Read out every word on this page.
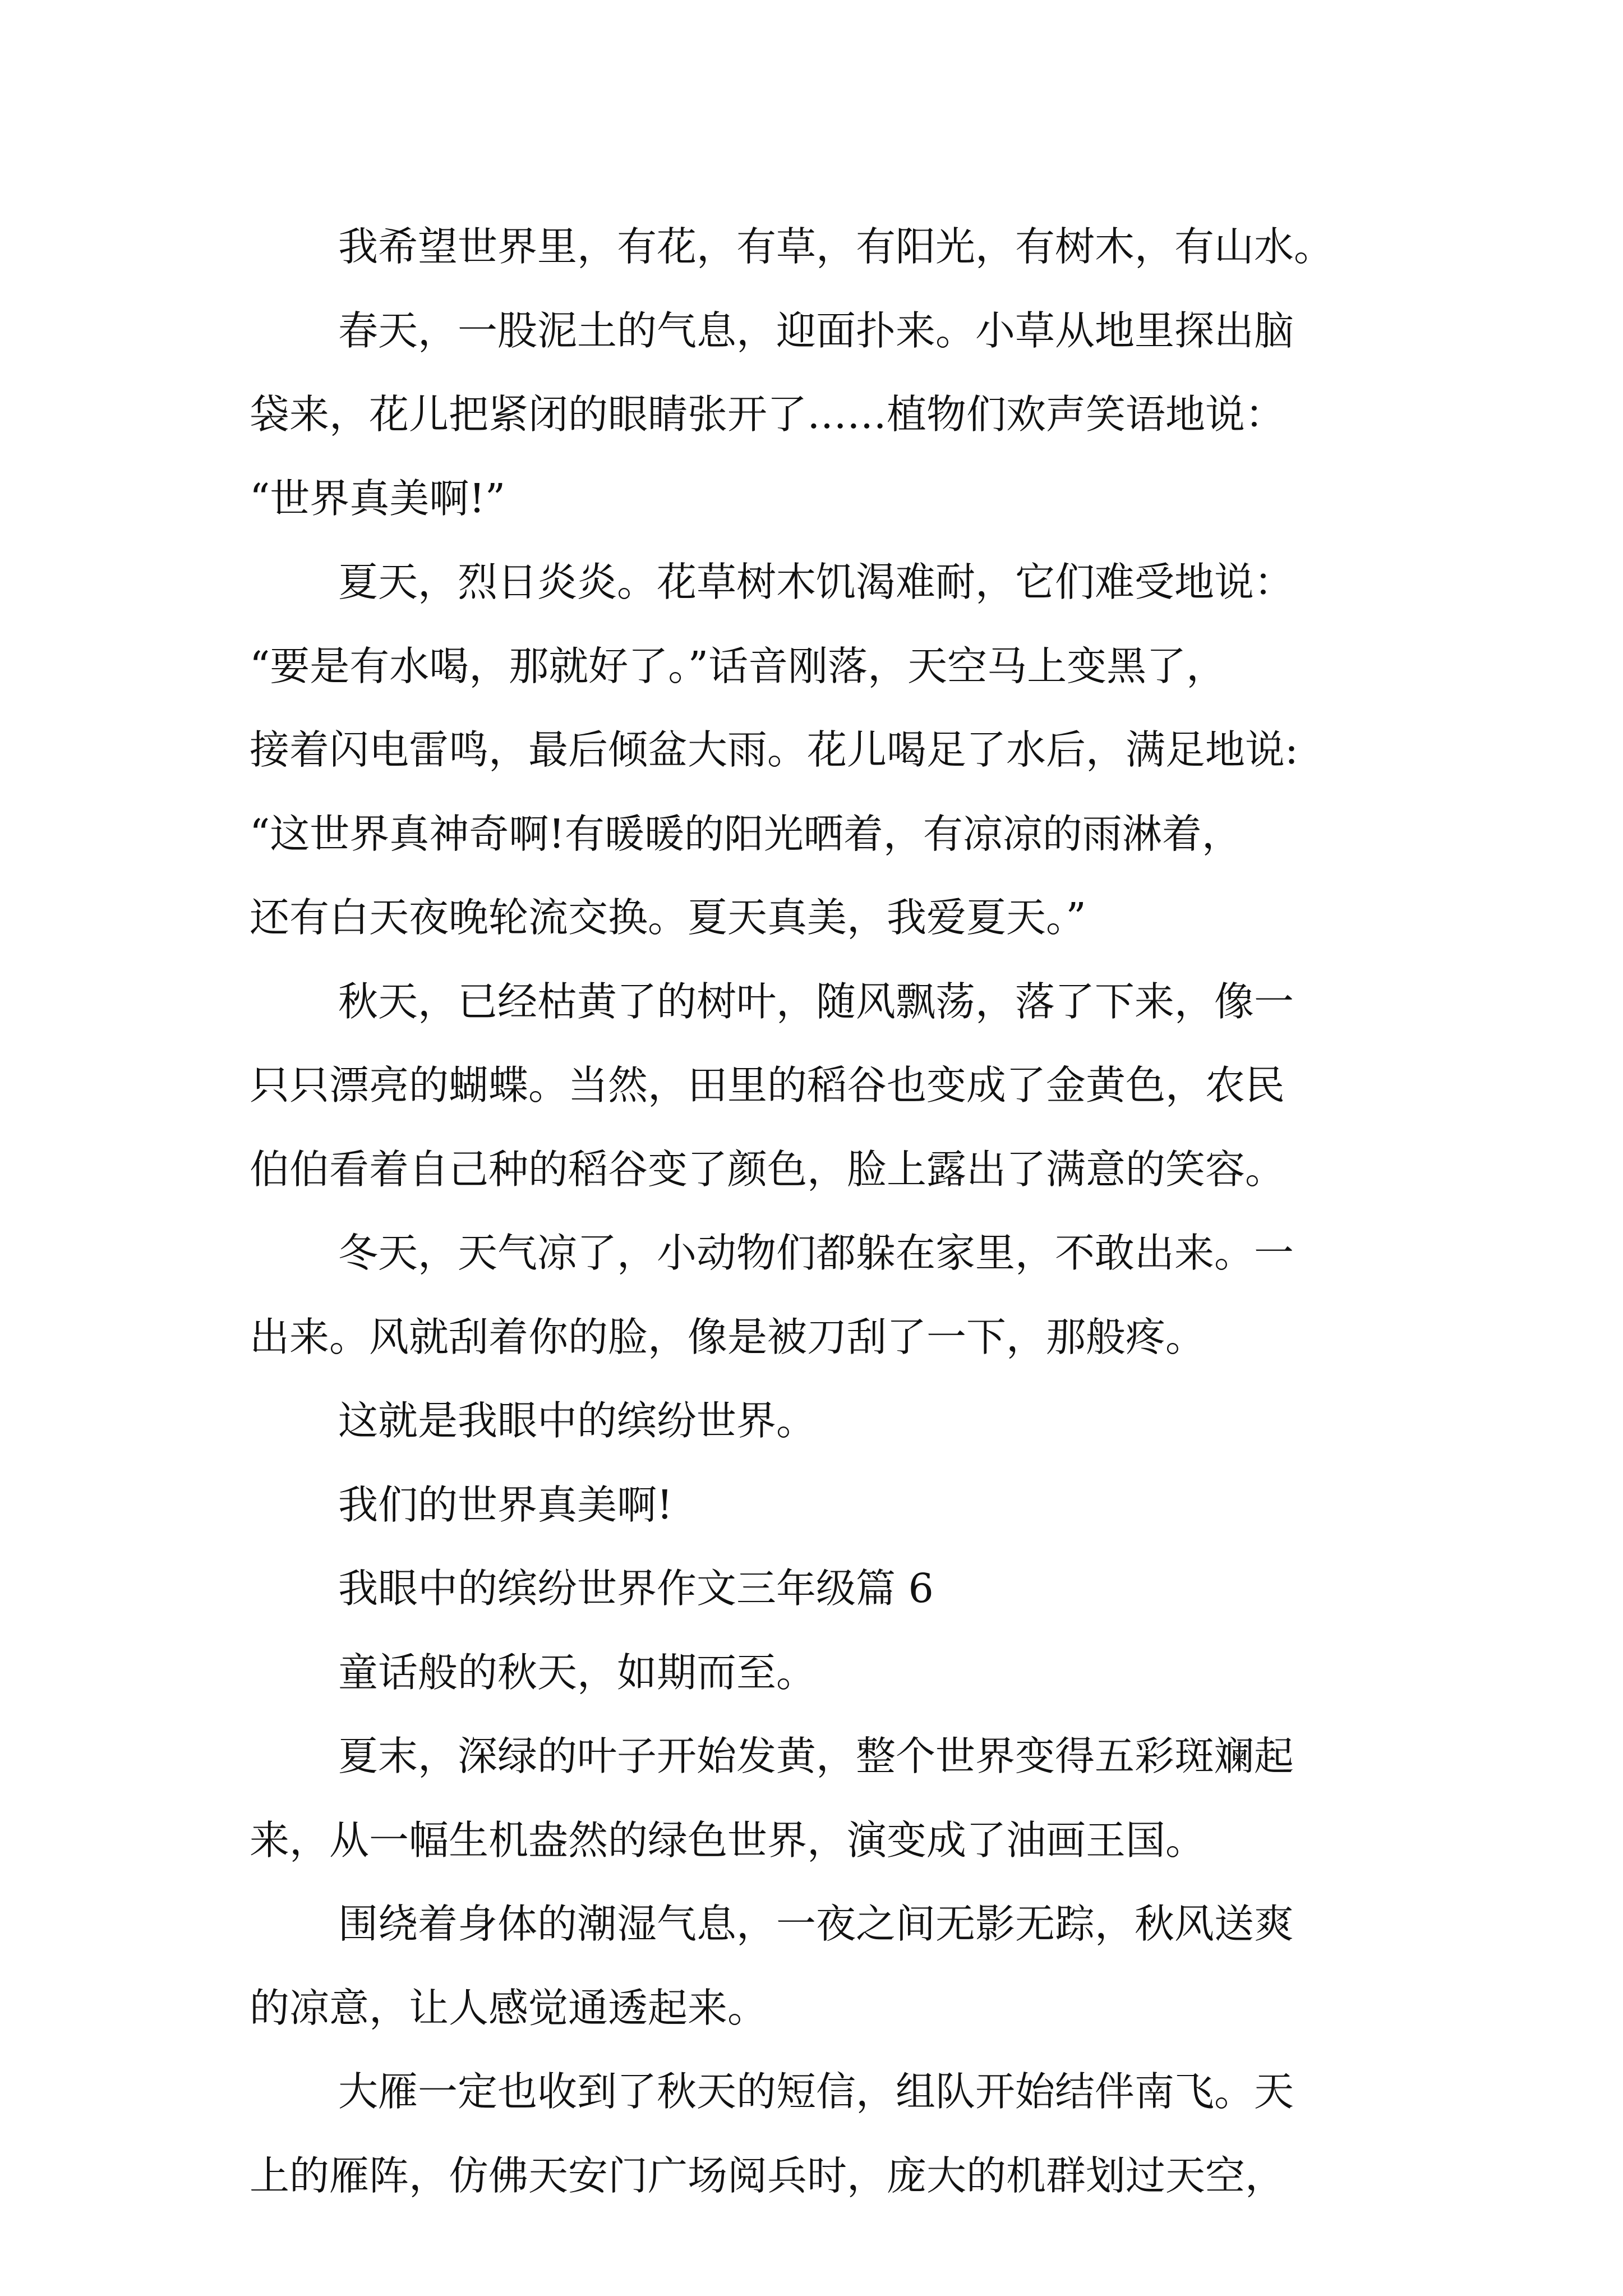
我希望世界里，有花，有草，有阳光，有树木，有山水。
春天，一股泥土的气息，迎面扑来。小草从地里探出脑
袋来，花儿把紧闭的眼睛张开了……植物们欢声笑语地说：
“世界真美啊!”
夏天，烈日炎炎。花草树木饥渴难耐，它们难受地说：
“要是有水喝，那就好了。”话音刚落，天空马上变黑了，
接着闪电雷鸣，最后倾盆大雨。花儿喝足了水后，满足地说:
“这世界真神奇啊!有暖暖的阳光晒着，有凉凉的雨淋着，
还有白天夜晚轮流交换。夏天真美，我爱夏天。”
秋天，已经枯黄了的树叶，随风飘荡，落了下来，像一
只只漂亮的蝴蝶。当然，田里的稻谷也变成了金黄色，农民
伯伯看着自己种的稻谷变了颜色，脸上露出了满意的笑容。
冬天，天气凉了，小动物们都躲在家里，不敢出来。一
出来。风就刮着你的脸，像是被刀刮了一下，那般疼。
这就是我眼中的缤纷世界。
我们的世界真美啊!
我眼中的缤纷世界作文三年级篇 6
童话般的秋天，如期而至。
夏末，深绿的叶子开始发黄，整个世界变得五彩斑斓起
来，从一幅生机盎然的绿色世界，演变成了油画王国。
围绕着身体的潮湿气息，一夜之间无影无踪，秋风送爽
的凉意，让人感觉通透起来。
大雁一定也收到了秋天的短信，组队开始结伴南飞。天
上的雁阵，仿佛天安门广场阅兵时，庞大的机群划过天空，
